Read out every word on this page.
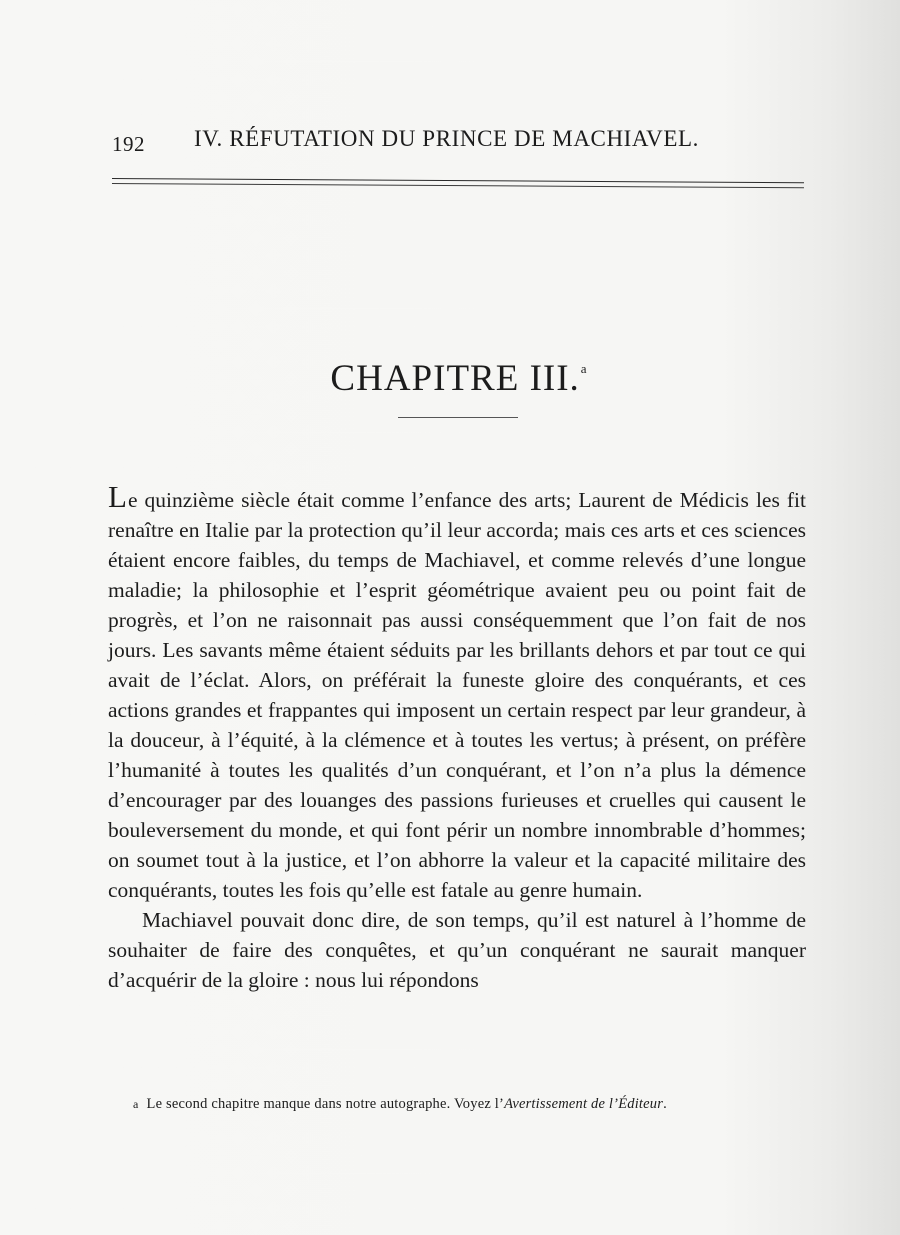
192 IV. RÉFUTATION DU PRINCE DE MACHIAVEL.
CHAPITRE III.$^a$

Le quinzième siècle était comme l’enfance des arts; Laurent de Médicis les fit renaître en Italie par la protection qu’il leur accorda; mais ces arts et ces sciences étaient encore faibles, du temps de Machiavel, et comme relevés d’une longue maladie; la philosophie et l’esprit géométrique avaient peu ou point fait de progrès, et l’on ne raisonnait pas aussi conséquemment que l’on fait de nos jours. Les savants même étaient séduits par les brillants dehors et par tout ce qui avait de l’éclat. Alors, on préférait la funeste gloire des conquérants, et ces actions grandes et frappantes qui imposent un certain respect par leur grandeur, à la douceur, à l’équité, à la clémence et à toutes les vertus; à présent, on préfère l’humanité à toutes les qualités d’un conquérant, et l’on n’a plus la démence d’encourager par des louanges des passions furieuses et cruelles qui causent le bouleversement du monde, et qui font périr un nombre innombrable d’hommes; on soumet tout à la justice, et l’on abhorre la valeur et la capacité militaire des conquérants, toutes les fois qu’elle est fatale au genre humain.

Machiavel pouvait donc dire, de son temps, qu’il est naturel à l’homme de souhaiter de faire des conquêtes, et qu’un conquérant ne saurait manquer d’acquérir de la gloire : nous lui répondons

a Le second chapitre manque dans notre autographe. Voyez l’Avertissement de l’Éditeur.
